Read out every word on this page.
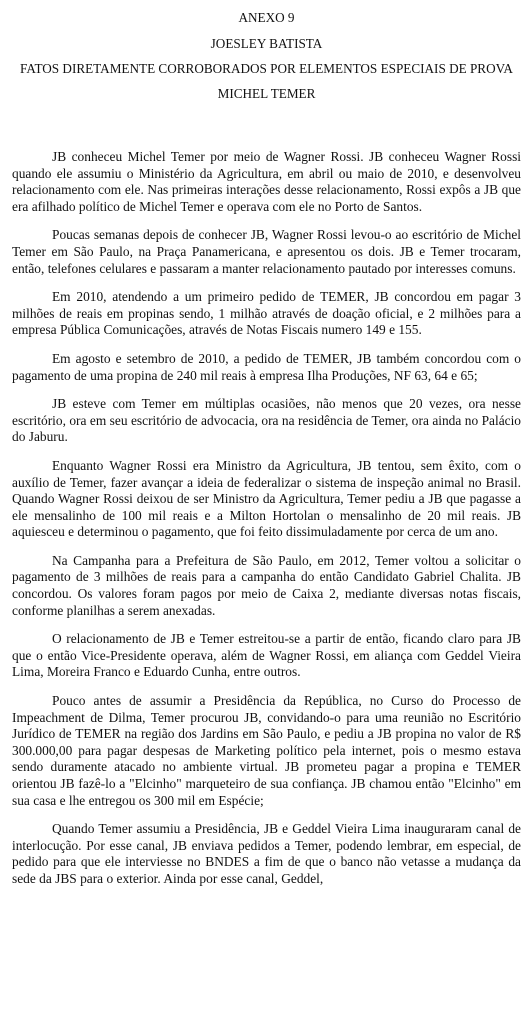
ANEXO 9
JOESLEY BATISTA
FATOS DIRETAMENTE CORROBORADOS POR ELEMENTOS ESPECIAIS DE PROVA
MICHEL TEMER

JB conheceu Michel Temer por meio de Wagner Rossi. JB conheceu Wagner Rossi quando ele assumiu o Ministério da Agricultura, em abril ou maio de 2010, e desenvolveu relacionamento com ele. Nas primeiras interações desse relacionamento, Rossi expôs a JB que era afilhado político de Michel Temer e operava com ele no Porto de Santos.

Poucas semanas depois de conhecer JB, Wagner Rossi levou-o ao escritório de Michel Temer em São Paulo, na Praça Panamericana, e apresentou os dois. JB e Temer trocaram, então, telefones celulares e passaram a manter relacionamento pautado por interesses comuns.

Em 2010, atendendo a um primeiro pedido de TEMER, JB concordou em pagar 3 milhões de reais em propinas sendo, 1 milhão através de doação oficial, e 2 milhões para a empresa Pública Comunicações, através de Notas Fiscais numero 149 e 155.

Em agosto e setembro de 2010, a pedido de TEMER, JB também concordou com o pagamento de uma propina de 240 mil reais à empresa Ilha Produções, NF 63, 64 e 65;

JB esteve com Temer em múltiplas ocasiões, não menos que 20 vezes, ora nesse escritório, ora em seu escritório de advocacia, ora na residência de Temer, ora ainda no Palácio do Jaburu.

Enquanto Wagner Rossi era Ministro da Agricultura, JB tentou, sem êxito, com o auxílio de Temer, fazer avançar a ideia de federalizar o sistema de inspeção animal no Brasil. Quando Wagner Rossi deixou de ser Ministro da Agricultura, Temer pediu a JB que pagasse a ele mensalinho de 100 mil reais e a Milton Hortolan o mensalinho de 20 mil reais. JB aquiesceu e determinou o pagamento, que foi feito dissimuladamente por cerca de um ano.

Na Campanha para a Prefeitura de São Paulo, em 2012, Temer voltou a solicitar o pagamento de 3 milhões de reais para a campanha do então Candidato Gabriel Chalita. JB concordou. Os valores foram pagos por meio de Caixa 2, mediante diversas notas fiscais, conforme planilhas a serem anexadas.

O relacionamento de JB e Temer estreitou-se a partir de então, ficando claro para JB que o então Vice-Presidente operava, além de Wagner Rossi, em aliança com Geddel Vieira Lima, Moreira Franco e Eduardo Cunha, entre outros.

Pouco antes de assumir a Presidência da República, no Curso do Processo de Impeachment de Dilma, Temer procurou JB, convidando-o para uma reunião no Escritório Jurídico de TEMER na região dos Jardins em São Paulo, e pediu a JB propina no valor de R$ 300.000,00 para pagar despesas de Marketing político pela internet, pois o mesmo estava sendo duramente atacado no ambiente virtual. JB prometeu pagar a propina e TEMER orientou JB fazê-lo a "Elcinho" marqueteiro de sua confiança. JB chamou então "Elcinho" em sua casa e lhe entregou os 300 mil em Espécie;

Quando Temer assumiu a Presidência, JB e Geddel Vieira Lima inauguraram canal de interlocução. Por esse canal, JB enviava pedidos a Temer, podendo lembrar, em especial, de pedido para que ele interviesse no BNDES a fim de que o banco não vetasse a mudança da sede da JBS para o exterior. Ainda por esse canal, Geddel,
